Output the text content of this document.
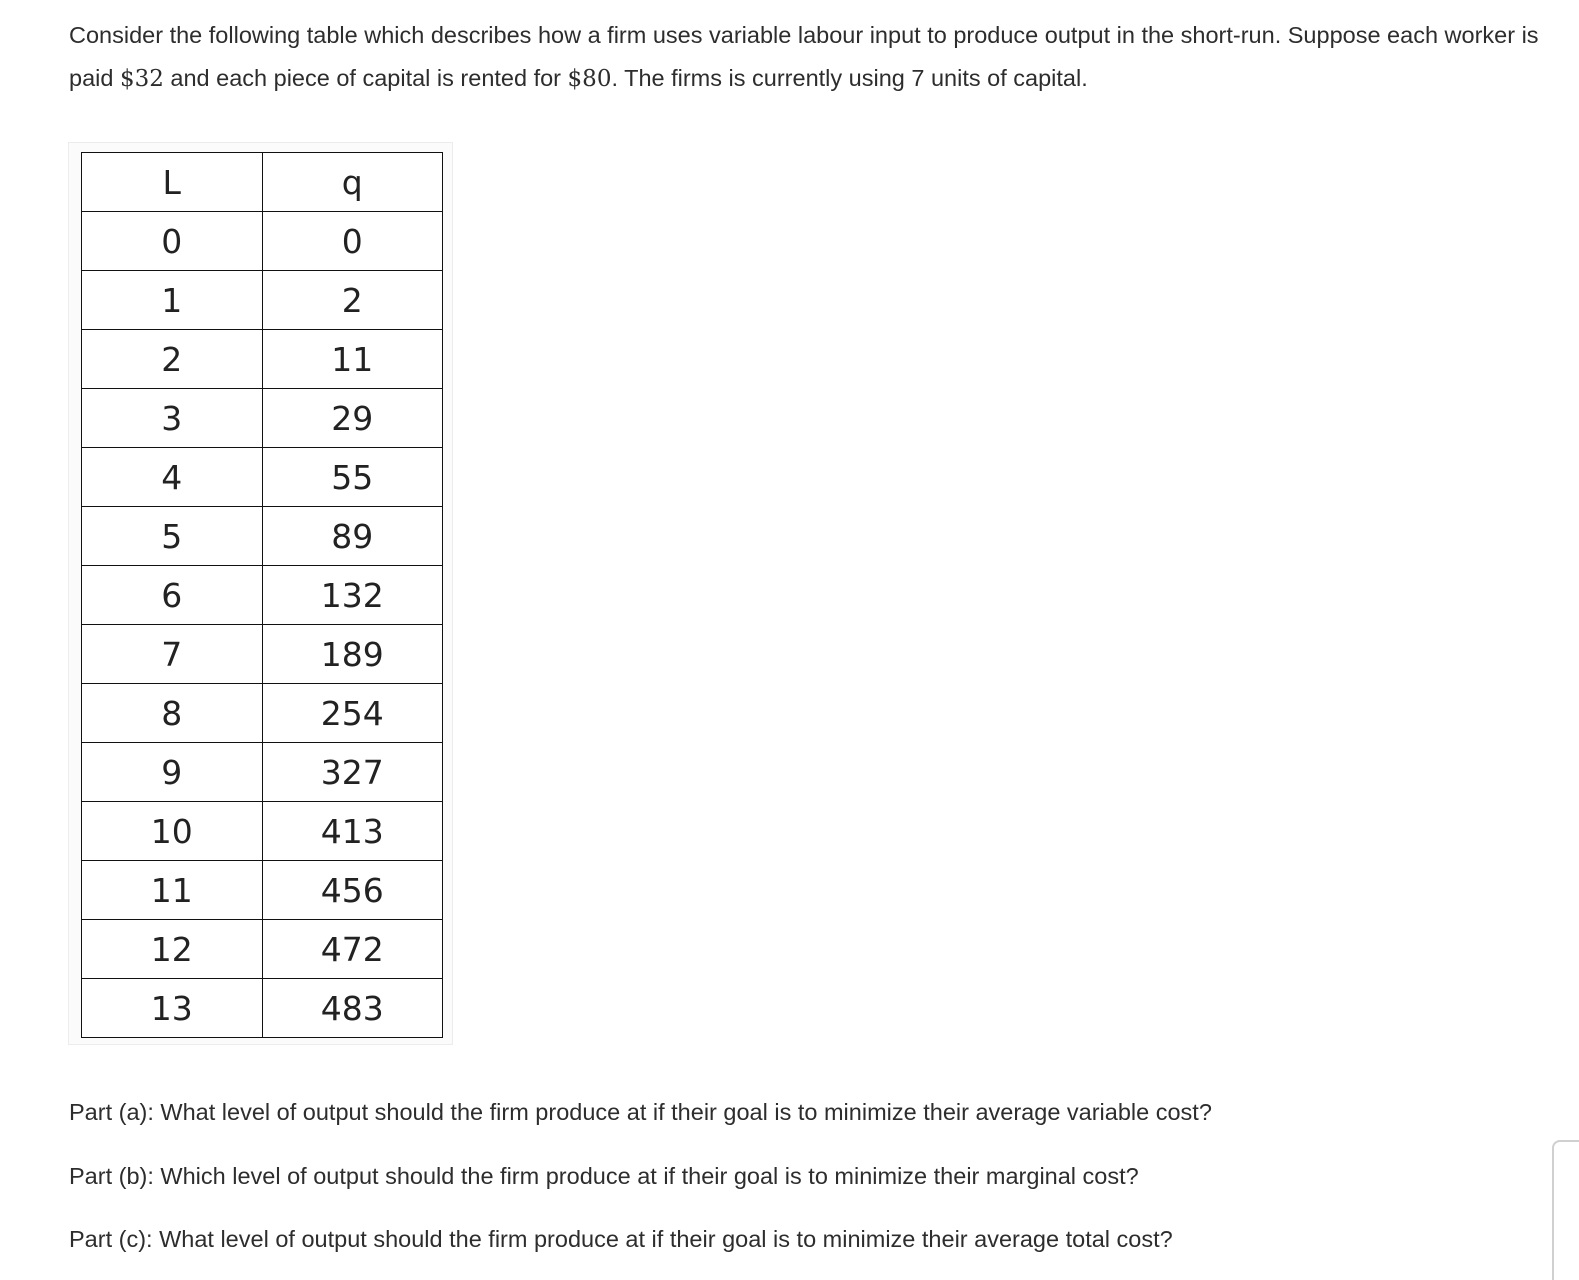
Consider the following table which describes how a firm uses variable labour input to produce output in the short-run. Suppose each worker is paid $32 and each piece of capital is rented for $80. The firms is currently using 7 units of capital.

L	q
0	0
1	2
2	11
3	29
4	55
5	89
6	132
7	189
8	254
9	327
10	413
11	456
12	472
13	483

Part (a): What level of output should the firm produce at if their goal is to minimize their average variable cost?

Part (b): Which level of output should the firm produce at if their goal is to minimize their marginal cost?

Part (c): What level of output should the firm produce at if their goal is to minimize their average total cost?
